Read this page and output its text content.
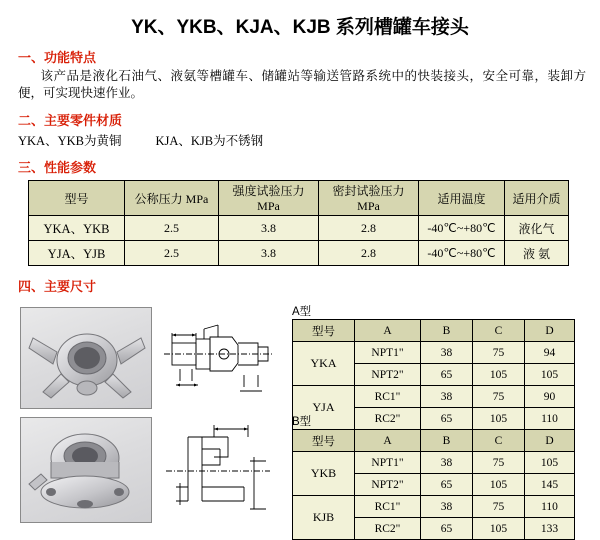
YK、YKB、KJA、KJB 系列槽罐车接头
一、功能特点
该产品是液化石油气、液氨等槽罐车、储罐站等输送管路系统中的快装接头，安全可靠，装卸方便，可实现快速作业。
二、主要零件材质
YKA、YKB为黄铜	KJA、KJB为不锈钢
三、性能参数
型号	公称压力 MPa	强度试验压力 MPa	密封试验压力 MPa	适用温度	适用介质
YKA、YKB	2.5	3.8	2.8	-40℃~+80℃	液化气
YJA、YJB	2.5	3.8	2.8	-40℃~+80℃	液 氨
四、主要尺寸
A型
型号	A	B	C	D
YKA	NPT1"	38	75	94
	NPT2"	65	105	105
YJA	RC1"	38	75	90
	RC2"	65	105	110
B型
型号	A	B	C	D
YKB	NPT1"	38	75	105
	NPT2"	65	105	145
KJB	RC1"	38	75	110
	RC2"	65	105	133
